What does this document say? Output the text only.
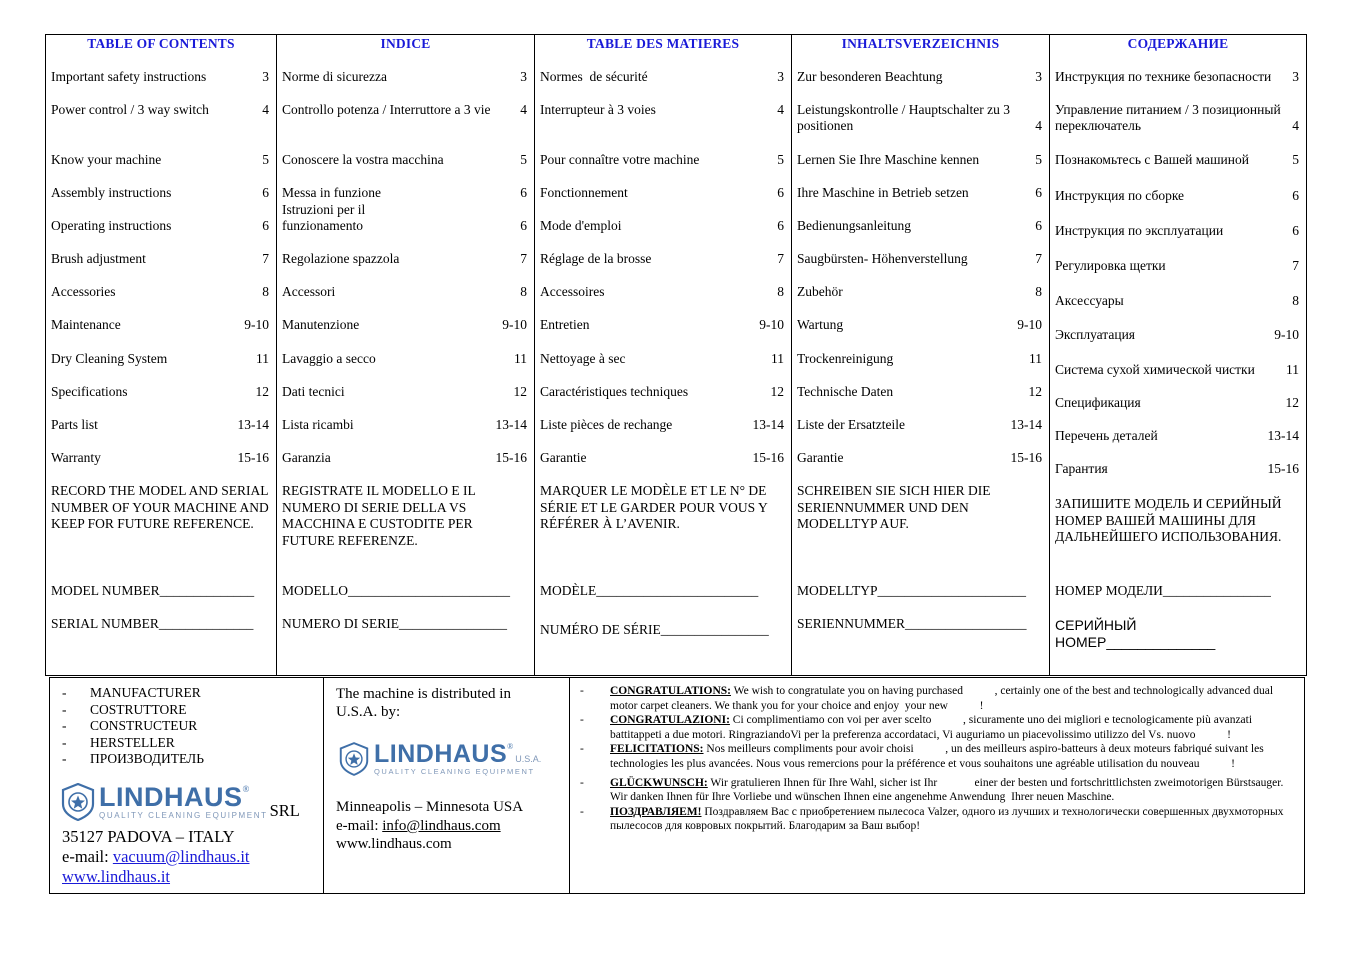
TABLE OF CONTENTS
Important safety instructions	3
Power control / 3 way switch	4
Know your machine	5
Assembly instructions	6
Operating instructions	6
Brush adjustment	7
Accessories	8
Maintenance	9-10
Dry Cleaning System	11
Specifications	12
Parts list	13-14
Warranty	15-16
RECORD THE MODEL AND SERIAL NUMBER OF YOUR MACHINE AND KEEP FOR FUTURE REFERENCE.
MODEL NUMBER______________
SERIAL NUMBER______________
INDICE
Norme di sicurezza	3
Controllo potenza / Interruttore a 3 vie	4
Conoscere la vostra macchina	5
Messa in funzione	6
Istruzioni per il funzionamento	6
Regolazione spazzola	7
Accessori	8
Manutenzione	9-10
Lavaggio a secco	11
Dati tecnici	12
Lista ricambi	13-14
Garanzia	15-16
REGISTRATE IL MODELLO E IL NUMERO DI SERIE DELLA VS MACCHINA E CUSTODITE PER FUTURE REFERENZE.
MODELLO________________________
NUMERO DI SERIE________________
TABLE DES MATIERES
Normes  de sécurité	3
Interrupteur à 3 voies	4
Pour connaître votre machine	5
Fonctionnement	6
Mode d'emploi	6
Réglage de la brosse	7
Accessoires	8
Entretien	9-10
Nettoyage à sec	11
Caractéristiques techniques	12
Liste pièces de rechange	13-14
Garantie	15-16
MARQUER LE MODÈLE ET LE N° DE SÉRIE ET LE GARDER POUR VOUS Y RÉFÉRER À L’AVENIR.
MODÈLE________________________
NUMÉRO DE SÉRIE________________
INHALTSVERZEICHNIS
Zur besonderen Beachtung	3
Leistungskontrolle / Hauptschalter zu 3 positionen	4
Lernen Sie Ihre Maschine kennen	5
Ihre Maschine in Betrieb setzen	6
Bedienungsanleitung	6
Saugbürsten- Höhenverstellung	7
Zubehör	8
Wartung	9-10
Trockenreinigung	11
Technische Daten	12
Liste der Ersatzteile	13-14
Garantie	15-16
SCHREIBEN SIE SICH HIER DIE SERIENNUMMER UND DEN MODELLTYP AUF.
MODELLTYP______________________
SERIENNUMMER__________________
СОДЕРЖАНИЕ
Инструкция по технике безопасности	3
Управление питанием / 3 позиционный переключатель	4
Познакомьтесь с Вашей машиной	5
Инструкция по сборке	6
Инструкция по эксплуатации	6
Регулировка щетки	7
Аксессуары	8
Эксплуатация	9-10
Система сухой химической чистки	11
Спецификация	12
Перечень деталей	13-14
Гарантия	15-16
ЗАПИШИТЕ МОДЕЛЬ И СЕРИЙНЫЙ НОМЕР ВАШЕЙ МАШИНЫ ДЛЯ ДАЛЬНЕЙШЕГО ИСПОЛЬЗОВАНИЯ.
НОМЕР МОДЕЛИ________________
СЕРИЙНЫЙ
НОМЕР______________
- MANUFACTURER
- COSTRUTTORE
- CONSTRUCTEUR
- HERSTELLER
- ПРОИЗВОДИТЕЛЬ
LINDHAUS®
QUALITY CLEANING EQUIPMENT SRL
35127 PADOVA – ITALY
e-mail: vacuum@lindhaus.it
www.lindhaus.it
The machine is distributed in U.S.A. by:
LINDHAUS®U.S.A.
QUALITY CLEANING EQUIPMENT
Minneapolis – Minnesota USA
e-mail: info@lindhaus.com
www.lindhaus.com
- CONGRATULATIONS: We wish to congratulate you on having purchased           , certainly one of the best and technologically advanced dual motor carpet cleaners. We thank you for your choice and enjoy  your new           !
- CONGRATULAZIONI: Ci complimentiamo con voi per aver scelto           , sicuramente uno dei migliori e tecnologicamente più avanzati battitappeti a due motori. RingraziandoVi per la preferenza accordataci, Vi auguriamo un piacevolissimo utilizzo del Vs. nuovo           !
- FELICITATIONS: Nos meilleurs compliments pour avoir choisi           , un des meilleurs aspiro-batteurs à deux moteurs fabriqué suivant les technologies les plus avancées. Nous vous remercions pour la préférence et vous souhaitons une agréable utilisation du nouveau           !
- GLÜCKWUNSCH: Wir gratulieren Ihnen für Ihre Wahl, sicher ist Ihr             einer der besten und fortschrittlichsten zweimotorigen Bürstsauger. Wir danken Ihnen für Ihre Vorliebe und wünschen Ihnen eine angenehme Anwendung  Ihrer neuen Maschine.
- ПОЗДРАВЛЯЕМ! Поздравляем Вас с приобретением пылесоса Valzer, одного из лучших и технологически совершенных двухмоторных пылесосов для ковровых покрытий. Благодарим за Ваш выбор!
